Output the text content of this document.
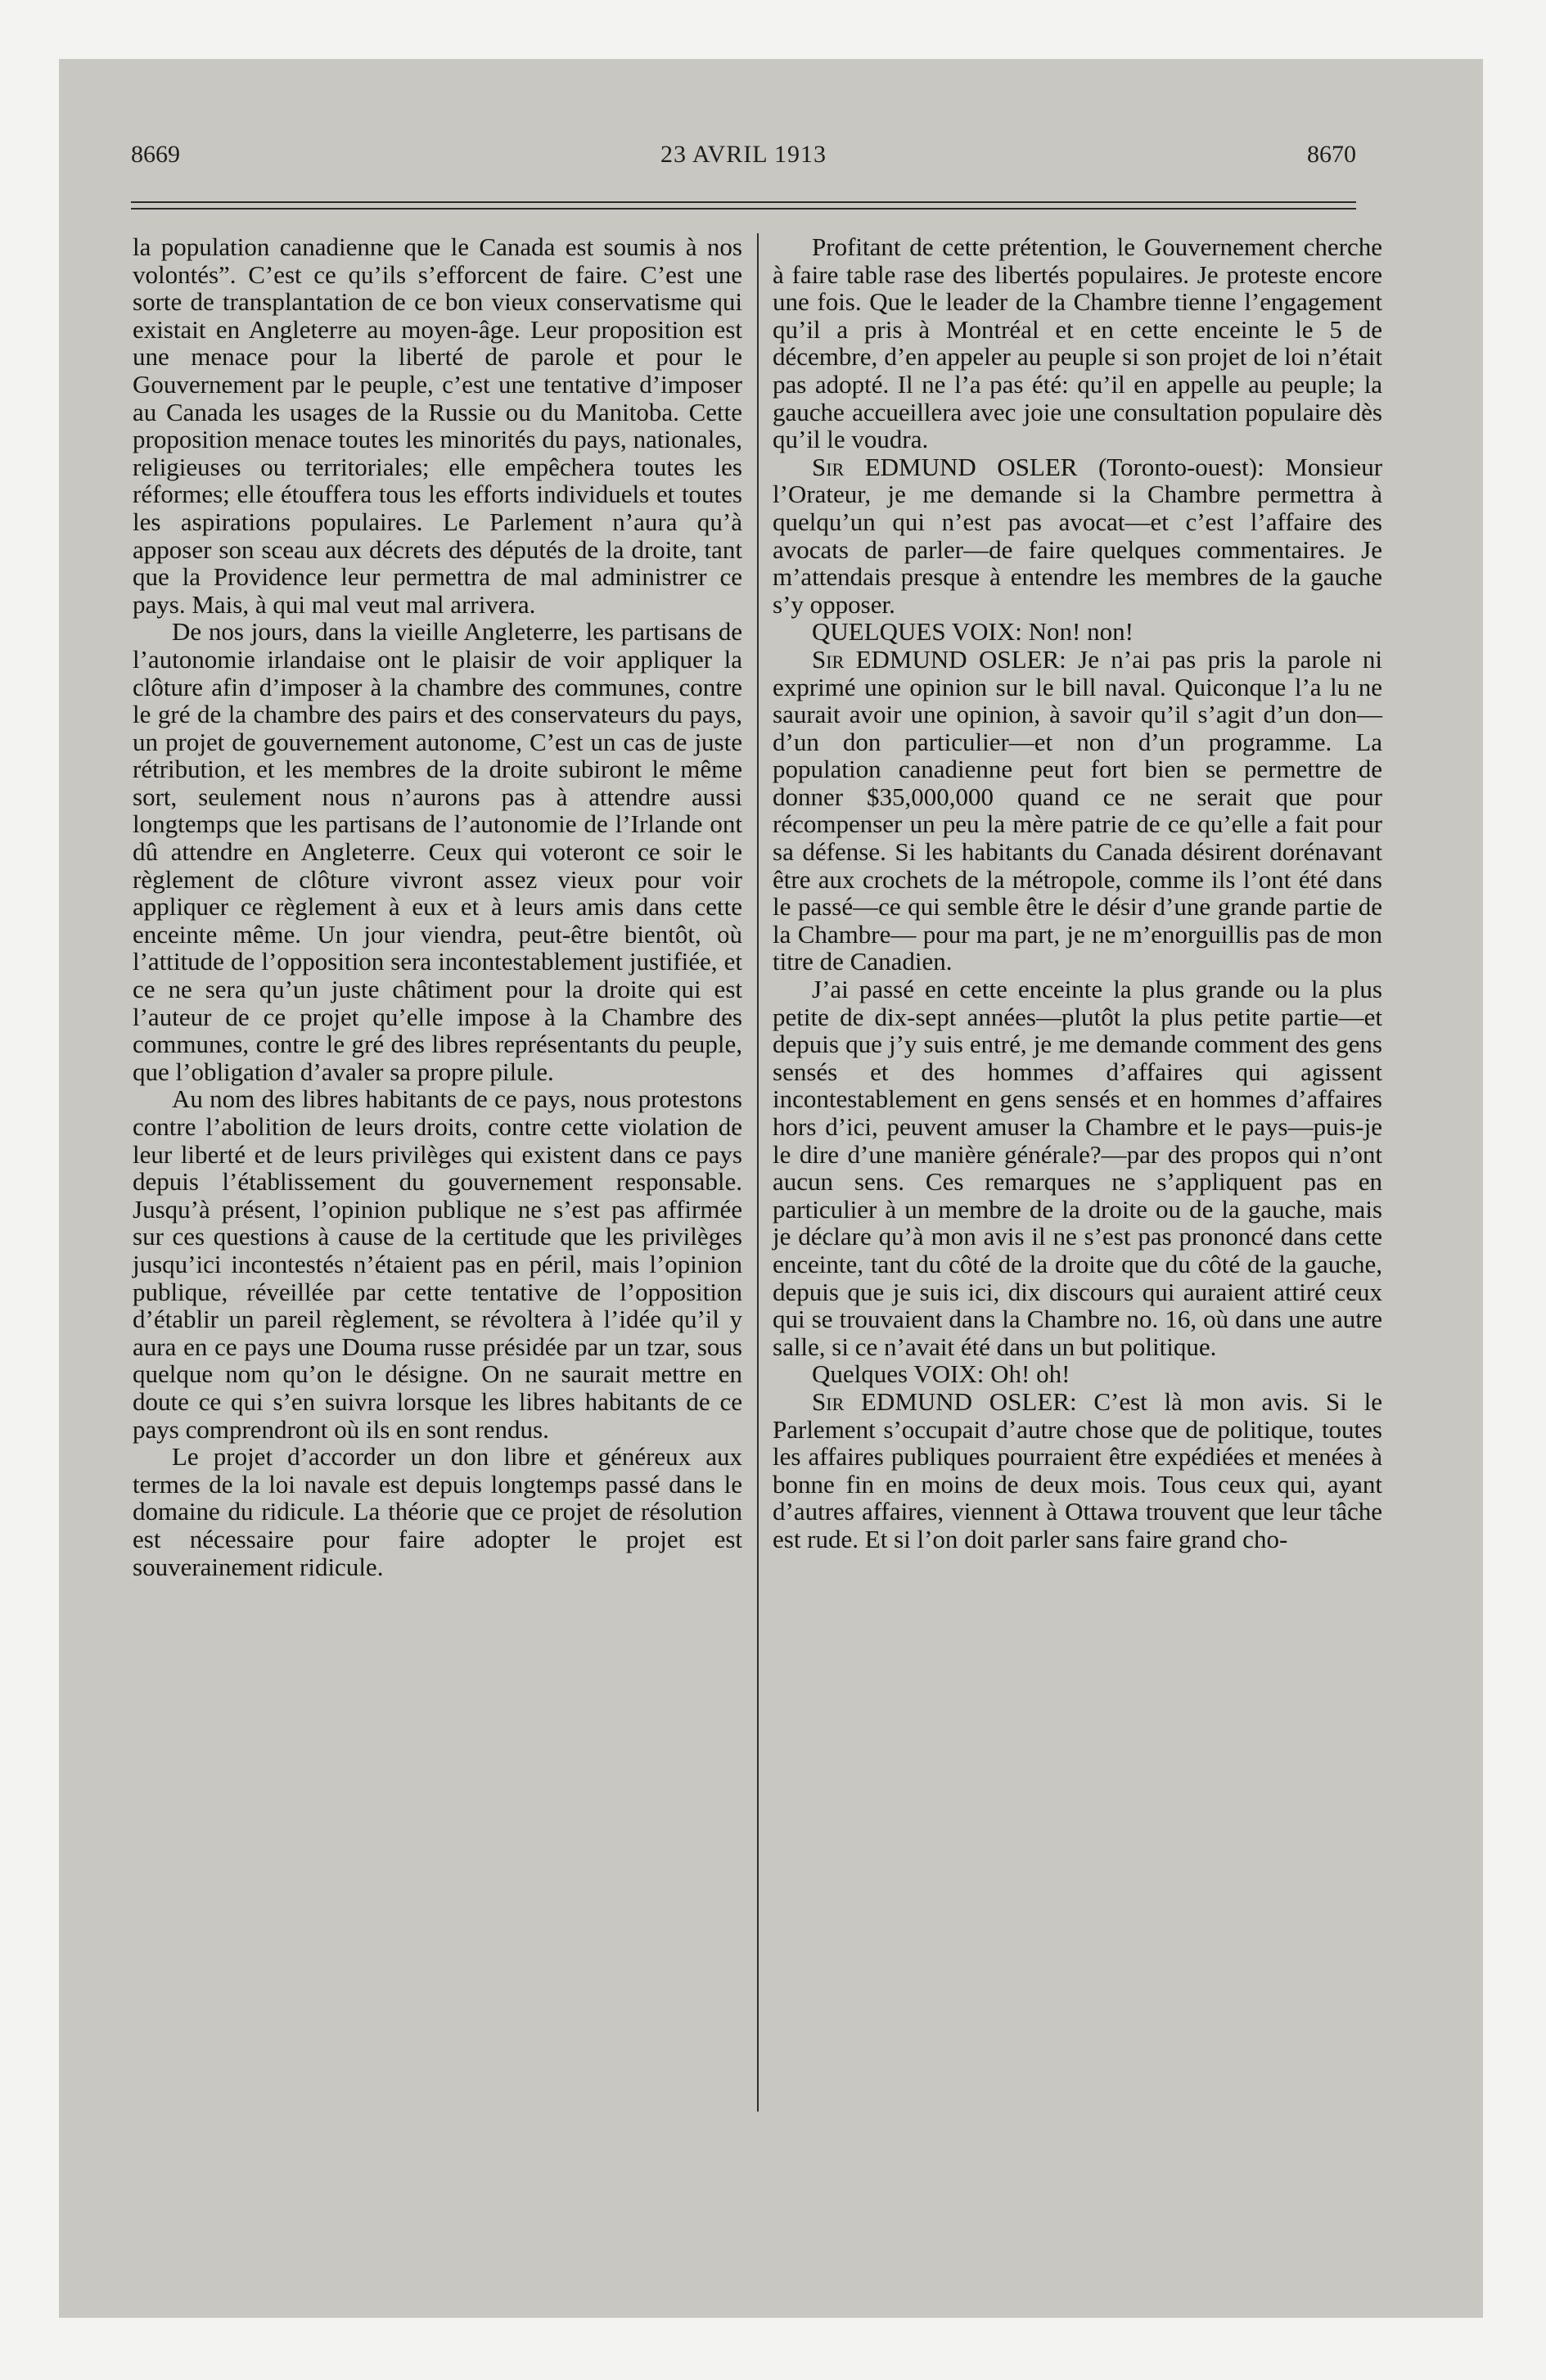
8669	23 AVRIL 1913	8670

la population canadienne que le Canada est soumis à nos volontés”. C’est ce qu’ils s’efforcent de faire. C’est une sorte de transplantation de ce bon vieux conservatisme qui existait en Angleterre au moyen-âge. Leur proposition est une menace pour la liberté de parole et pour le Gouvernement par le peuple, c’est une tentative d’imposer au Canada les usages de la Russie ou du Manitoba. Cette proposition menace toutes les minorités du pays, nationales, religieuses ou territoriales; elle empêchera toutes les réformes; elle étouffera tous les efforts individuels et toutes les aspirations populaires. Le Parlement n’aura qu’à apposer son sceau aux décrets des députés de la droite, tant que la Providence leur permettra de mal administrer ce pays. Mais, à qui mal veut mal arrivera.

De nos jours, dans la vieille Angleterre, les partisans de l’autonomie irlandaise ont le plaisir de voir appliquer la clôture afin d’imposer à la chambre des communes, contre le gré de la chambre des pairs et des conservateurs du pays, un projet de gouvernement autonome, C’est un cas de juste rétribution, et les membres de la droite subiront le même sort, seulement nous n’aurons pas à attendre aussi longtemps que les partisans de l’autonomie de l’Irlande ont dû attendre en Angleterre. Ceux qui voteront ce soir le règlement de clôture vivront assez vieux pour voir appliquer ce règlement à eux et à leurs amis dans cette enceinte même. Un jour viendra, peut-être bientôt, où l’attitude de l’opposition sera incontestablement justifiée, et ce ne sera qu’un juste châtiment pour la droite qui est l’auteur de ce projet qu’elle impose à la Chambre des communes, contre le gré des libres représentants du peuple, que l’obligation d’avaler sa propre pilule.

Au nom des libres habitants de ce pays, nous protestons contre l’abolition de leurs droits, contre cette violation de leur liberté et de leurs privilèges qui existent dans ce pays depuis l’établissement du gouvernement responsable. Jusqu’à présent, l’opinion publique ne s’est pas affirmée sur ces questions à cause de la certitude que les privilèges jusqu’ici incontestés n’étaient pas en péril, mais l’opinion publique, réveillée par cette tentative de l’opposition d’établir un pareil règlement, se révoltera à l’idée qu’il y aura en ce pays une Douma russe présidée par un tzar, sous quelque nom qu’on le désigne. On ne saurait mettre en doute ce qui s’en suivra lorsque les libres habitants de ce pays comprendront où ils en sont rendus.

Le projet d’accorder un don libre et généreux aux termes de la loi navale est depuis longtemps passé dans le domaine du ridicule. La théorie que ce projet de résolution est nécessaire pour faire adopter le projet est souverainement ridicule.

Profitant de cette prétention, le Gouvernement cherche à faire table rase des libertés populaires. Je proteste encore une fois. Que le leader de la Chambre tienne l’engagement qu’il a pris à Montréal et en cette enceinte le 5 de décembre, d’en appeler au peuple si son projet de loi n’était pas adopté. Il ne l’a pas été: qu’il en appelle au peuple; la gauche accueillera avec joie une consultation populaire dès qu’il le voudra.

Sir EDMUND OSLER (Toronto-ouest): Monsieur l’Orateur, je me demande si la Chambre permettra à quelqu’un qui n’est pas avocat—et c’est l’affaire des avocats de parler—de faire quelques commentaires. Je m’attendais presque à entendre les membres de la gauche s’y opposer.

QUELQUES VOIX: Non! non!

Sir EDMUND OSLER: Je n’ai pas pris la parole ni exprimé une opinion sur le bill naval. Quiconque l’a lu ne saurait avoir une opinion, à savoir qu’il s’agit d’un don—d’un don particulier—et non d’un programme. La population canadienne peut fort bien se permettre de donner $35,000,000 quand ce ne serait que pour récompenser un peu la mère patrie de ce qu’elle a fait pour sa défense. Si les habitants du Canada désirent dorénavant être aux crochets de la métropole, comme ils l’ont été dans le passé—ce qui semble être le désir d’une grande partie de la Chambre— pour ma part, je ne m’enorguillis pas de mon titre de Canadien.

J’ai passé en cette enceinte la plus grande ou la plus petite de dix-sept années—plutôt la plus petite partie—et depuis que j’y suis entré, je me demande comment des gens sensés et des hommes d’affaires qui agissent incontestablement en gens sensés et en hommes d’affaires hors d’ici, peuvent amuser la Chambre et le pays—puis-je le dire d’une manière générale?—par des propos qui n’ont aucun sens. Ces remarques ne s’appliquent pas en particulier à un membre de la droite ou de la gauche, mais je déclare qu’à mon avis il ne s’est pas prononcé dans cette enceinte, tant du côté de la droite que du côté de la gauche, depuis que je suis ici, dix discours qui auraient attiré ceux qui se trouvaient dans la Chambre no. 16, où dans une autre salle, si ce n’avait été dans un but politique.

Quelques VOIX: Oh! oh!

Sir EDMUND OSLER: C’est là mon avis. Si le Parlement s’occupait d’autre chose que de politique, toutes les affaires publiques pourraient être expédiées et menées à bonne fin en moins de deux mois. Tous ceux qui, ayant d’autres affaires, viennent à Ottawa trouvent que leur tâche est rude. Et si l’on doit parler sans faire grand cho-
